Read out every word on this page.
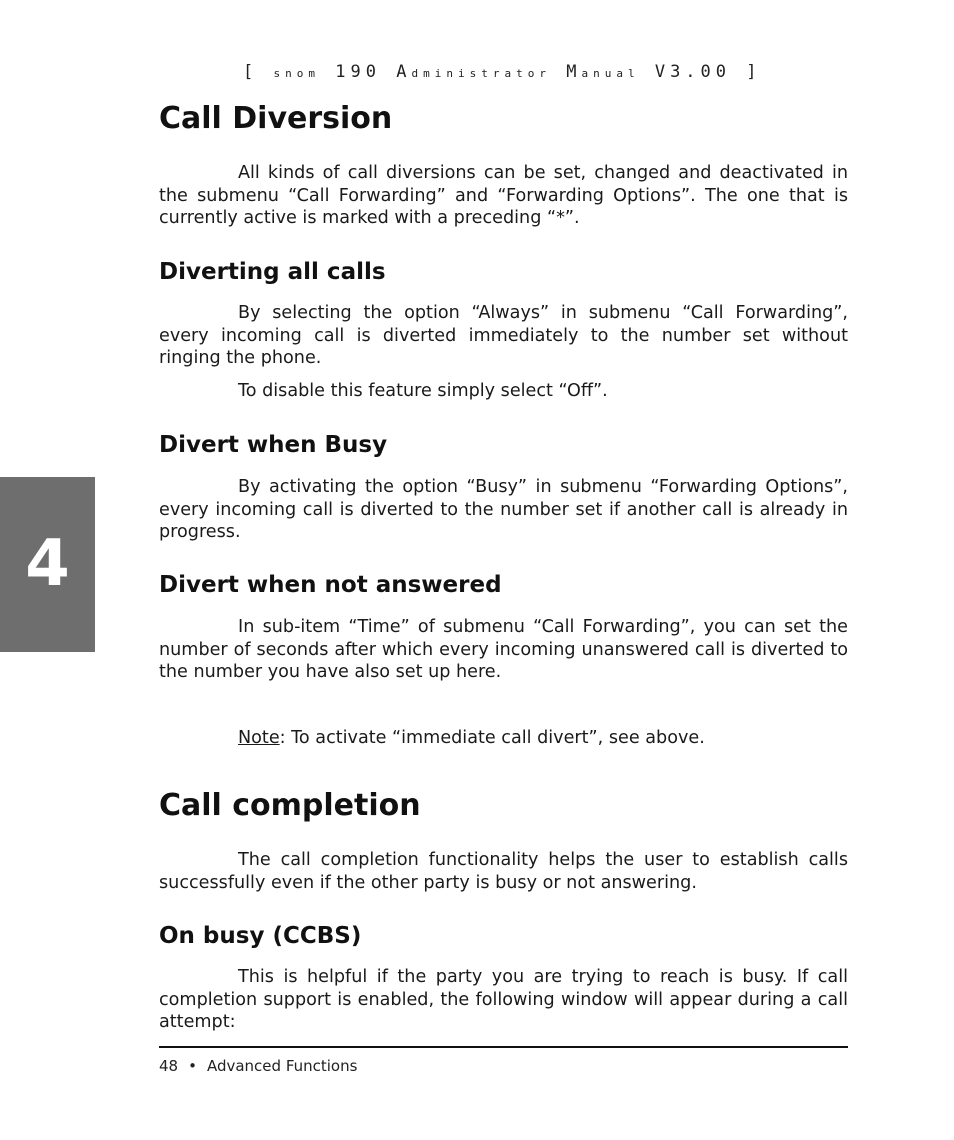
[ snom 190 Administrator Manual V3.00 ]
Call Diversion

All kinds of call diversions can be set, changed and deactivated in the submenu “Call Forwarding” and “Forwarding Options”. The one that is currently active is marked with a preceding “*”.

Diverting all calls

By selecting the option “Always” in submenu “Call Forwarding”, every incoming call is diverted immediately to the number set without ringing the phone.

To disable this feature simply select “Off”.

Divert when Busy

By activating the option “Busy” in submenu “Forwarding Options”, every incoming call is diverted to the number set if another call is already in progress.

4	Divert when not answered

In sub-item “Time” of submenu “Call Forwarding”, you can set the number of seconds after which every incoming unanswered call is diverted to the number you have also set up here.

Note: To activate “immediate call divert”, see above.

Call completion

The call completion functionality helps the user to establish calls successfully even if the other party is busy or not answering.

On busy (CCBS)

This is helpful if the party you are trying to reach is busy. If call completion support is enabled, the following window will appear during a call attempt:

48 • Advanced Functions
